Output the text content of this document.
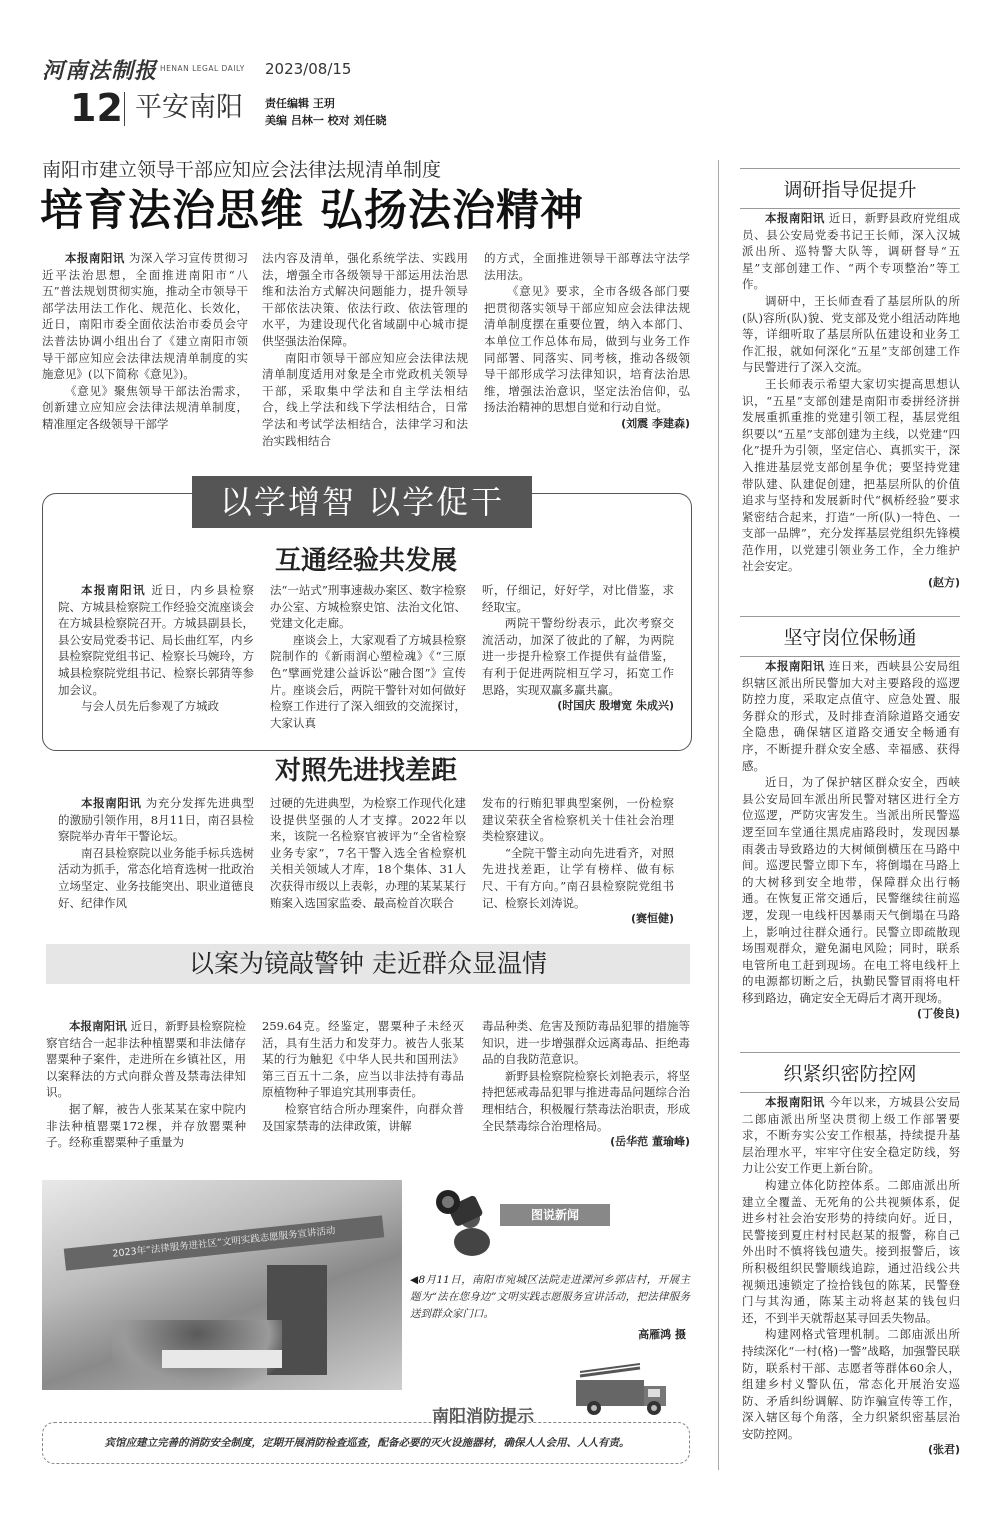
河南法制报 HENAN LEGAL DAILY 2023/08/15
12 平安南阳 责任编辑 王玥
美编 吕林一 校对 刘任晓
南阳市建立领导干部应知应会法律法规清单制度
培育法治思维 弘扬法治精神

本报南阳讯 为深入学习宣传贯彻习近平法治思想，全面推进南阳市“八五”普法规划贯彻实施，推动全市领导干部学法用法工作化、规范化、长效化，近日，南阳市委全面依法治市委员会守法普法协调小组出台了《建立南阳市领导干部应知应会法律法规清单制度的实施意见》(以下简称《意见》)。

《意见》聚焦领导干部法治需求，创新建立应知应会法律法规清单制度，精准厘定各级领导干部学

法内容及清单，强化系统学法、实践用法，增强全市各级领导干部运用法治思维和法治方式解决问题能力，提升领导干部依法决策、依法行政、依法管理的水平，为建设现代化省域副中心城市提供坚强法治保障。

南阳市领导干部应知应会法律法规清单制度适用对象是全市党政机关领导干部，采取集中学法和自主学法相结合，线上学法和线下学法相结合，日常学法和考试学法相结合，法律学习和法治实践相结合

的方式，全面推进领导干部尊法守法学法用法。

《意见》要求，全市各级各部门要把贯彻落实领导干部应知应会法律法规清单制度摆在重要位置，纳入本部门、本单位工作总体布局，做到与业务工作同部署、同落实、同考核，推动各级领导干部形成学习法律知识，培育法治思维，增强法治意识，坚定法治信仰，弘扬法治精神的思想自觉和行动自觉。

(刘震 李建森)
以学增智 以学促干
互通经验共发展

本报南阳讯 近日，内乡县检察院、方城县检察院工作经验交流座谈会在方城县检察院召开。方城县副县长，县公安局党委书记、局长曲红军，内乡县检察院党组书记、检察长马婉玲，方城县检察院党组书记、检察长郭猜等参加会议。

与会人员先后参观了方城政

法“一站式”刑事速裁办案区、数字检察办公室、方城检察史馆、法治文化馆、党建文化走廊。

座谈会上，大家观看了方城县检察院制作的《新雨润心塑检魂》《“三原色”擘画党建公益诉讼“融合图”》宣传片。座谈会后，两院干警针对如何做好检察工作进行了深入细致的交流探讨，大家认真

听，仔细记，好好学，对比借鉴，求经取宝。

两院干警纷纷表示，此次考察交流活动，加深了彼此的了解，为两院进一步提升检察工作提供有益借鉴，有利于促进两院相互学习，拓宽工作思路，实现双赢多赢共赢。

(时国庆 殷增宽 朱成兴)
对照先进找差距

本报南阳讯 为充分发挥先进典型的激励引领作用，8月11日，南召县检察院举办青年干警论坛。

南召县检察院以业务能手标兵选树活动为抓手，常态化培育选树一批政治立场坚定、业务技能突出、职业道德良好、纪律作风

过硬的先进典型，为检察工作现代化建设提供坚强的人才支撑。2022年以来，该院一名检察官被评为“全省检察业务专家”，7名干警入选全省检察机关相关领域人才库，18个集体、31人次获得市级以上表彰，办理的某某某行贿案入选国家监委、最高检首次联合

发布的行贿犯罪典型案例，一份检察建议荣获全省检察机关十佳社会治理类检察建议。

“全院干警主动向先进看齐，对照先进找差距，让学有榜样、做有标尺、干有方向。”南召县检察院党组书记、检察长刘涛说。

(赛恒健)
以案为镜敲警钟 走近群众显温情

本报南阳讯 近日，新野县检察院检察官结合一起非法种植罂粟和非法储存罂粟种子案件，走进所在乡镇社区，用以案释法的方式向群众普及禁毒法律知识。

据了解，被告人张某某在家中院内非法种植罂粟172棵，并存放罂粟种子。经称重罂粟种子重量为

259.64克。经鉴定，罂粟种子未经灭活，具有生活力和发芽力。被告人张某某的行为触犯《中华人民共和国刑法》第三百五十二条，应当以非法持有毒品原植物种子罪追究其刑事责任。

检察官结合所办理案件，向群众普及国家禁毒的法律政策，讲解

毒品种类、危害及预防毒品犯罪的措施等知识，进一步增强群众远离毒品、拒绝毒品的自我防范意识。

新野县检察院检察长刘艳表示，将坚持把惩戒毒品犯罪与推进毒品问题综合治理相结合，积极履行禁毒法治职责，形成全民禁毒综合治理格局。

(岳华范 董瑜峰)
2023年“法律服务进社区”文明实践志愿服务宣讲活动
图说新闻
◀8月11日，南阳市宛城区法院走进溧河乡郭店村，开展主题为“法在您身边”文明实践志愿服务宣讲活动，把法律服务送到群众家门口。
高雁鸿 摄
南阳消防提示
宾馆应建立完善的消防安全制度，定期开展消防检查巡查，配备必要的灭火设施器材，确保人人会用、人人有责。
调研指导促提升

本报南阳讯 近日，新野县政府党组成员、县公安局党委书记王长师，深入汉城派出所、巡特警大队等，调研督导“五星”支部创建工作、“两个专项整治”等工作。

调研中，王长师查看了基层所队的所(队)容所(队)貌、党支部及党小组活动阵地等，详细听取了基层所队伍建设和业务工作汇报，就如何深化“五星”支部创建工作与民警进行了深入交流。

王长师表示希望大家切实提高思想认识，“五星”支部创建是南阳市委拼经济拼发展重抓重推的党建引领工程，基层党组织要以“五星”支部创建为主线，以党建“四化”提升为引领，坚定信心、真抓实干，深入推进基层党支部创星争优；要坚持党建带队建、队建促创建，把基层所队的价值追求与坚持和发展新时代“枫桥经验”要求紧密结合起来，打造“一所(队)一特色、一支部一品牌”，充分发挥基层党组织先锋模范作用，以党建引领业务工作，全力维护社会安定。

(赵方)
坚守岗位保畅通

本报南阳讯 连日来，西峡县公安局组织辖区派出所民警加大对主要路段的巡逻防控力度，采取定点值守、应急处置、服务群众的形式，及时排查消除道路交通安全隐患，确保辖区道路交通安全畅通有序，不断提升群众安全感、幸福感、获得感。

近日，为了保护辖区群众安全，西峡县公安局回车派出所民警对辖区进行全方位巡逻，严防灾害发生。当派出所民警巡逻至回车堂通往黑虎庙路段时，发现因暴雨袭击导致路边的大树倾倒横压在马路中间。巡逻民警立即下车，将倒塌在马路上的大树移到安全地带，保障群众出行畅通。在恢复正常交通后，民警继续往前巡逻，发现一电线杆因暴雨天气倒塌在马路上，影响过往群众通行。民警立即疏散现场围观群众，避免漏电风险；同时，联系电管所电工赶到现场。在电工将电线杆上的电源都切断之后，执勤民警冒雨将电杆移到路边，确定安全无碍后才离开现场。

(丁俊良)
织紧织密防控网

本报南阳讯 今年以来，方城县公安局二郎庙派出所坚决贯彻上级工作部署要求，不断夯实公安工作根基，持续提升基层治理水平，牢牢守住安全稳定防线，努力让公安工作更上新台阶。

构建立体化防控体系。二郎庙派出所建立全覆盖、无死角的公共视频体系，促进乡村社会治安形势的持续向好。近日，民警接到夏庄村村民赵某的报警，称自己外出时不慎将钱包遗失。接到报警后，该所积极组织民警顺线追踪，通过沿线公共视频迅速锁定了捡拾钱包的陈某，民警登门与其沟通，陈某主动将赵某的钱包归还，不到半天就帮赵某寻回丢失物品。

构建网格式管理机制。二郎庙派出所持续深化“一村(格)一警”战略，加强警民联防，联系村干部、志愿者等群体60余人，组建乡村义警队伍，常态化开展治安巡防、矛盾纠纷调解、防诈骗宣传等工作，深入辖区每个角落，全力织紧织密基层治安防控网。

(张君)
